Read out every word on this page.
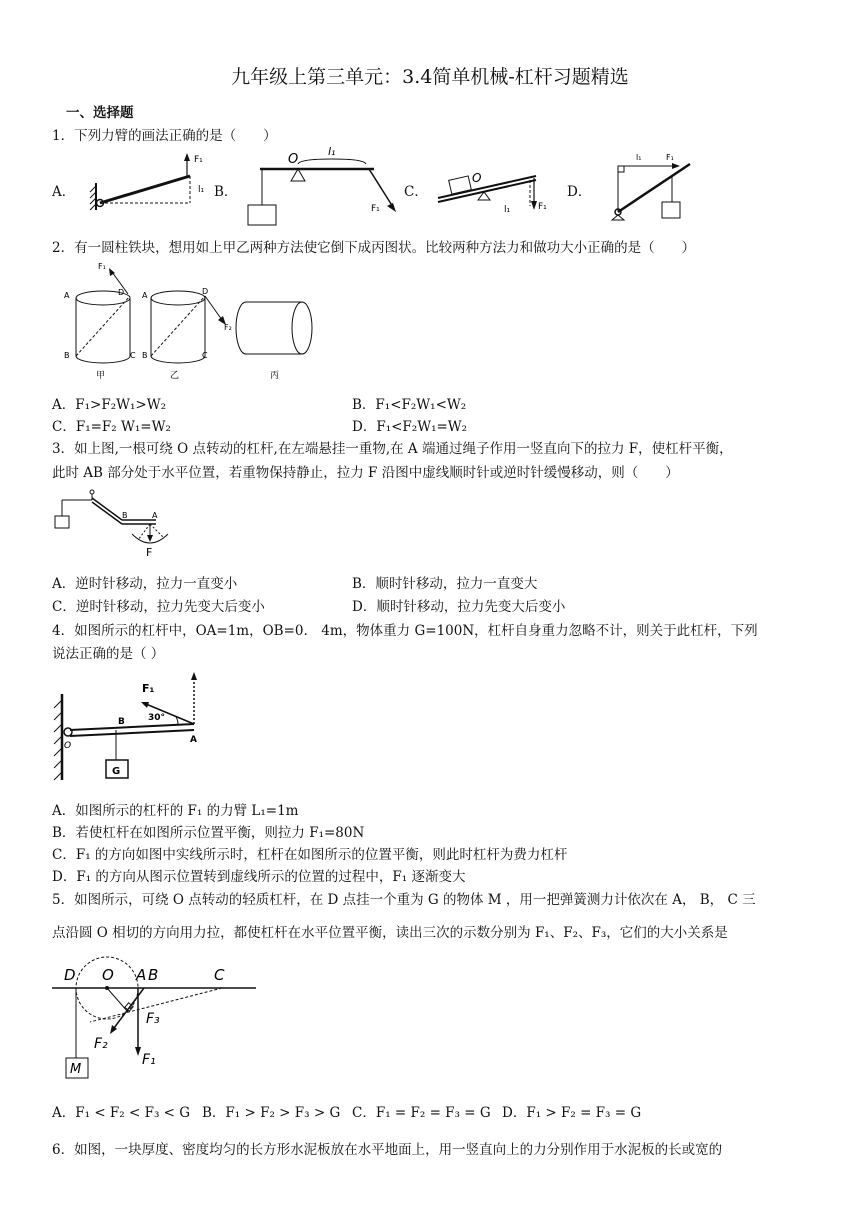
九年级上第三单元：3.4简单机械-杠杆习题精选
一、选择题
1．下列力臂的画法正确的是（　　）
A．	B．	C．	D．
F₁
l₁
O
l₁
F₁
O
F₁
l₁
l₁	F₁
2．有一圆柱铁块，想用如上甲乙两种方法使它倒下成丙图状。比较两种方法力和做功大小正确的是（　　）
F₁
A	D
B	C
甲
F₂
A	D
B	C
乙	丙
A．F₁>F₂W₁>W₂	B．F₁<F₂W₁<W₂
C．F₁=F₂ W₁=W₂	D．F₁<F₂W₁=W₂
3．如上图,一根可绕 O 点转动的杠杆,在左端悬挂一重物,在 A 端通过绳子作用一竖直向下的拉力 F，使杠杆平衡，
此时 AB 部分处于水平位置，若重物保持静止，拉力 F 沿图中虚线顺时针或逆时针缓慢移动，则（　　）
B	A
F
A．逆时针移动，拉力一直变小	B．顺时针移动，拉力一直变大
C．逆时针移动，拉力先变大后变小	D．顺时针移动，拉力先变大后变小
4．如图所示的杠杆中，OA=1m，OB=0.　4m，物体重力 G=100N，杠杆自身重力忽略不计，则关于此杠杆，下列
说法正确的是（ ）
G
30°
F₁
B
A
O
A．如图所示的杠杆的 F₁ 的力臂 L₁=1m
B．若使杠杆在如图所示位置平衡，则拉力 F₁=80N
C．F₁ 的方向如图中实线所示时，杠杆在如图所示的位置平衡，则此时杠杆为费力杠杆
D．F₁ 的方向从图示位置转到虚线所示的位置的过程中，F₁ 逐渐变大
5．如图所示，可绕 O 点转动的轻质杠杆，在 D 点挂一个重为 G 的物体 M ，用一把弹簧测力计依次在 A， B， C 三
点沿圆 O 相切的方向用力拉，都使杠杆在水平位置平衡，读出三次的示数分别为 F₁、F₂、F₃，它们的大小关系是
D O A B	C
M
F₁
F₂
F₃
A．F₁ < F₂ < F₃ < G B．F₁ > F₂ > F₃ > G C．F₁ = F₂ = F₃ = G D．F₁ > F₂ = F₃ = G
6．如图，一块厚度、密度均匀的长方形水泥板放在水平地面上，用一竖直向上的力分别作用于水泥板的长或宽的
